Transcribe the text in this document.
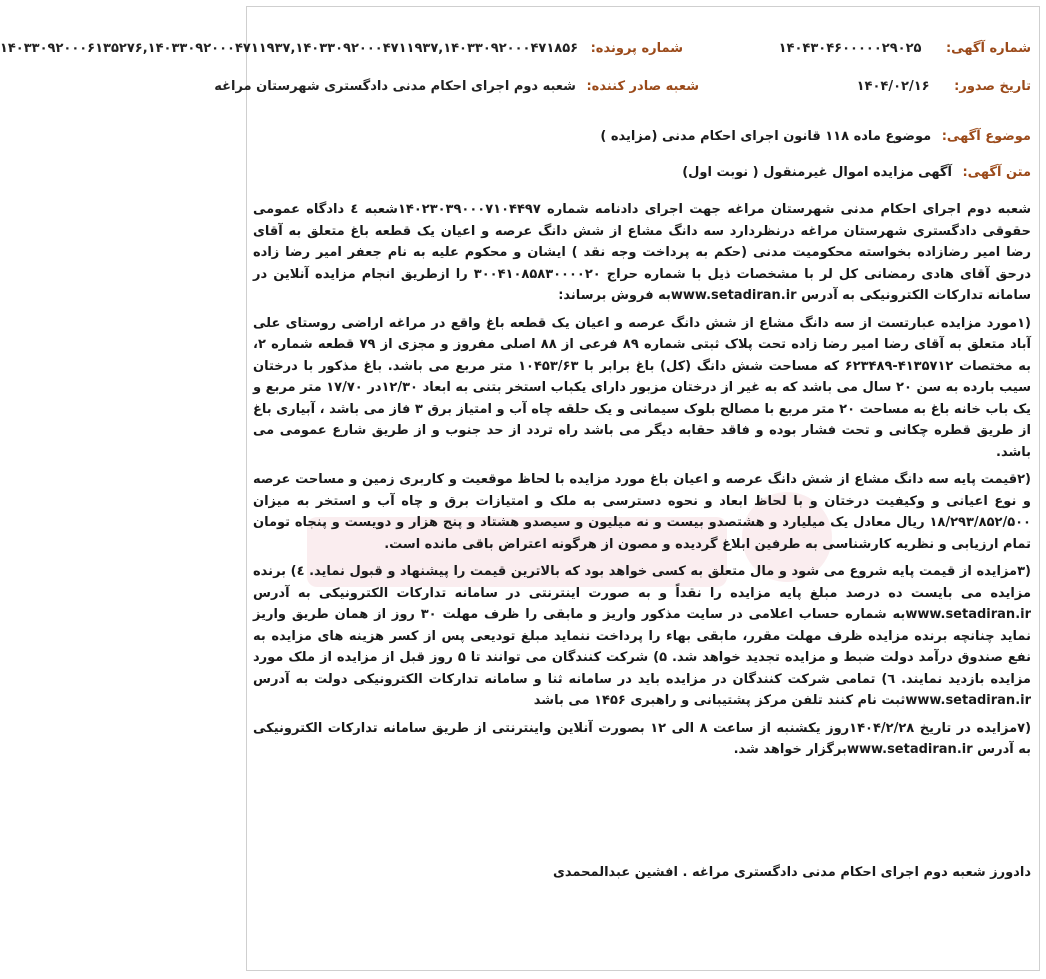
شماره آگهی: ۱۴۰۴۳۰۴۶۰۰۰۰۰۲۹۰۲۵
شماره پرونده: ۱۴۰۳۳۰۹۲۰۰۰۶۱۳۵۲۷۶,۱۴۰۳۳۰۹۲۰۰۰۴۷۱۱۹۳۷,۱۴۰۳۳۰۹۲۰۰۰۴۷۱۱۹۳۷,۱۴۰۳۳۰۹۲۰۰۰۴۷۱۸۵۶
تاریخ صدور: ۱۴۰۴/۰۲/۱۶
شعبه صادر کننده: شعبه دوم اجرای احکام مدنی دادگستری شهرستان مراغه
موضوع آگهی: موضوع ماده ۱۱۸ قانون اجرای احکام مدنی (مزایده )
متن آگهی: آگهی مزایده اموال غیرمنقول ( نوبت اول)

شعبه دوم اجرای احکام مدنی شهرستان مراغه جهت اجرای دادنامه شماره ۱۴۰۲۳۰۳۹۰۰۰۷۱۰۴۴۹۷شعبه ٤ دادگاه عمومی حقوقی دادگستری شهرستان مراغه درنظردارد سه دانگ مشاع از شش دانگ عرصه و اعیان یک قطعه باغ متعلق به آقای رضا امیر رضازاده بخواسته محکومیت مدنی (حکم به پرداخت وجه نقد ) ایشان و محکوم علیه به نام جعفر امیر رضا زاده درحق آقای هادی رمضانی کل لر با مشخصات ذیل با شماره حراج ۳۰۰۴۱۰۸۵۸۳۰۰۰۰۲۰ را ازطریق انجام مزایده آنلاین در سامانه تدارکات الکترونیکی به آدرس www.setadiran.irبه فروش برساند:

(۱مورد مزایده عبارتست از سه دانگ مشاع از شش دانگ عرصه و اعیان یک قطعه باغ واقع در مراغه اراضی روستای علی آباد متعلق به آقای رضا امیر رضا زاده تحت پلاک ثبتی شماره ۸۹ فرعی از ۸۸ اصلی مفروز و مجزی از ۷۹ قطعه شماره ۲، به مختصات ۴۱۳۵۷۱۲-۶۲۳۴۸۹ که مساحت شش دانگ (کل) باغ برابر با ۱۰۴۵۳/۶۳ متر مربع می باشد. باغ مذکور با درختان سیب بارده به سن ۲۰ سال می باشد که به غیر از درختان مزبور دارای یکباب استخر بتنی به ابعاد ۱۲/۳۰در ۱۷/۷۰ متر مربع و یک باب خانه باغ به مساحت ۲۰ متر مربع با مصالح بلوک سیمانی و یک حلقه چاه آب و امتیاز برق ۳ فاز می باشد ، آبیاری باغ از طریق قطره چکانی و تحت فشار بوده و فاقد حقابه دیگر می باشد راه تردد از حد جنوب و از طریق شارع عمومی می باشد.

(۲قیمت پایه سه دانگ مشاع از شش دانگ عرصه و اعیان باغ مورد مزایده با لحاظ موقعیت و کاربری زمین و مساحت عرصه و نوع اعیانی و وکیفیت درختان و با لحاظ ابعاد و نحوه دسترسی به ملک و امتیازات برق و چاه آب و استخر به میزان ۱۸/۲۹۳/۸۵۲/۵۰۰ ریال معادل یک میلیارد و هشتصدو بیست و نه میلیون و سیصدو هشتاد و پنج هزار و دویست و پنجاه تومان تمام ارزیابی و نظریه کارشناسی به طرفین ابلاغ گردیده و مصون از هرگونه اعتراض باقی مانده است.

(۳مزایده از قیمت پایه شروع می شود و مال متعلق به کسی خواهد بود که بالاترین قیمت را پیشنهاد و قبول نماید. ٤) برنده مزایده می بایست ده درصد مبلغ پایه مزایده را نقداً و به صورت اینترنتی در سامانه تدارکات الکترونیکی به آدرس www.setadiran.irبه شماره حساب اعلامی در سایت مذکور واریز و مابقی را ظرف مهلت ۳۰ روز از همان طریق واریز نماید چنانچه برنده مزایده ظرف مهلت مقرر، مابقی بهاء را پرداخت ننماید مبلغ تودیعی پس از کسر هزینه های مزایده به نفع صندوق درآمد دولت ضبط و مزایده تجدید خواهد شد. ۵) شرکت کنندگان می توانند تا ۵ روز قبل از مزایده از ملک مورد مزایده بازدید نمایند. ٦) تمامی شرکت کنندگان در مزایده باید در سامانه ثنا و سامانه تدارکات الکترونیکی دولت به آدرس www.setadiran.irثبت نام کنند تلفن مرکز پشتیبانی و راهبری ۱۴۵۶ می باشد

(۷مزایده در تاریخ ۱۴۰۴/۲/۲۸روز یکشنبه از ساعت ۸ الی ۱۲ بصورت آنلاین واینترنتی از طریق سامانه تدارکات الکترونیکی به آدرس www.setadiran.irبرگزار خواهد شد.

دادورز شعبه دوم اجرای احکام مدنی دادگستری مراغه . افشین عبدالمحمدی
